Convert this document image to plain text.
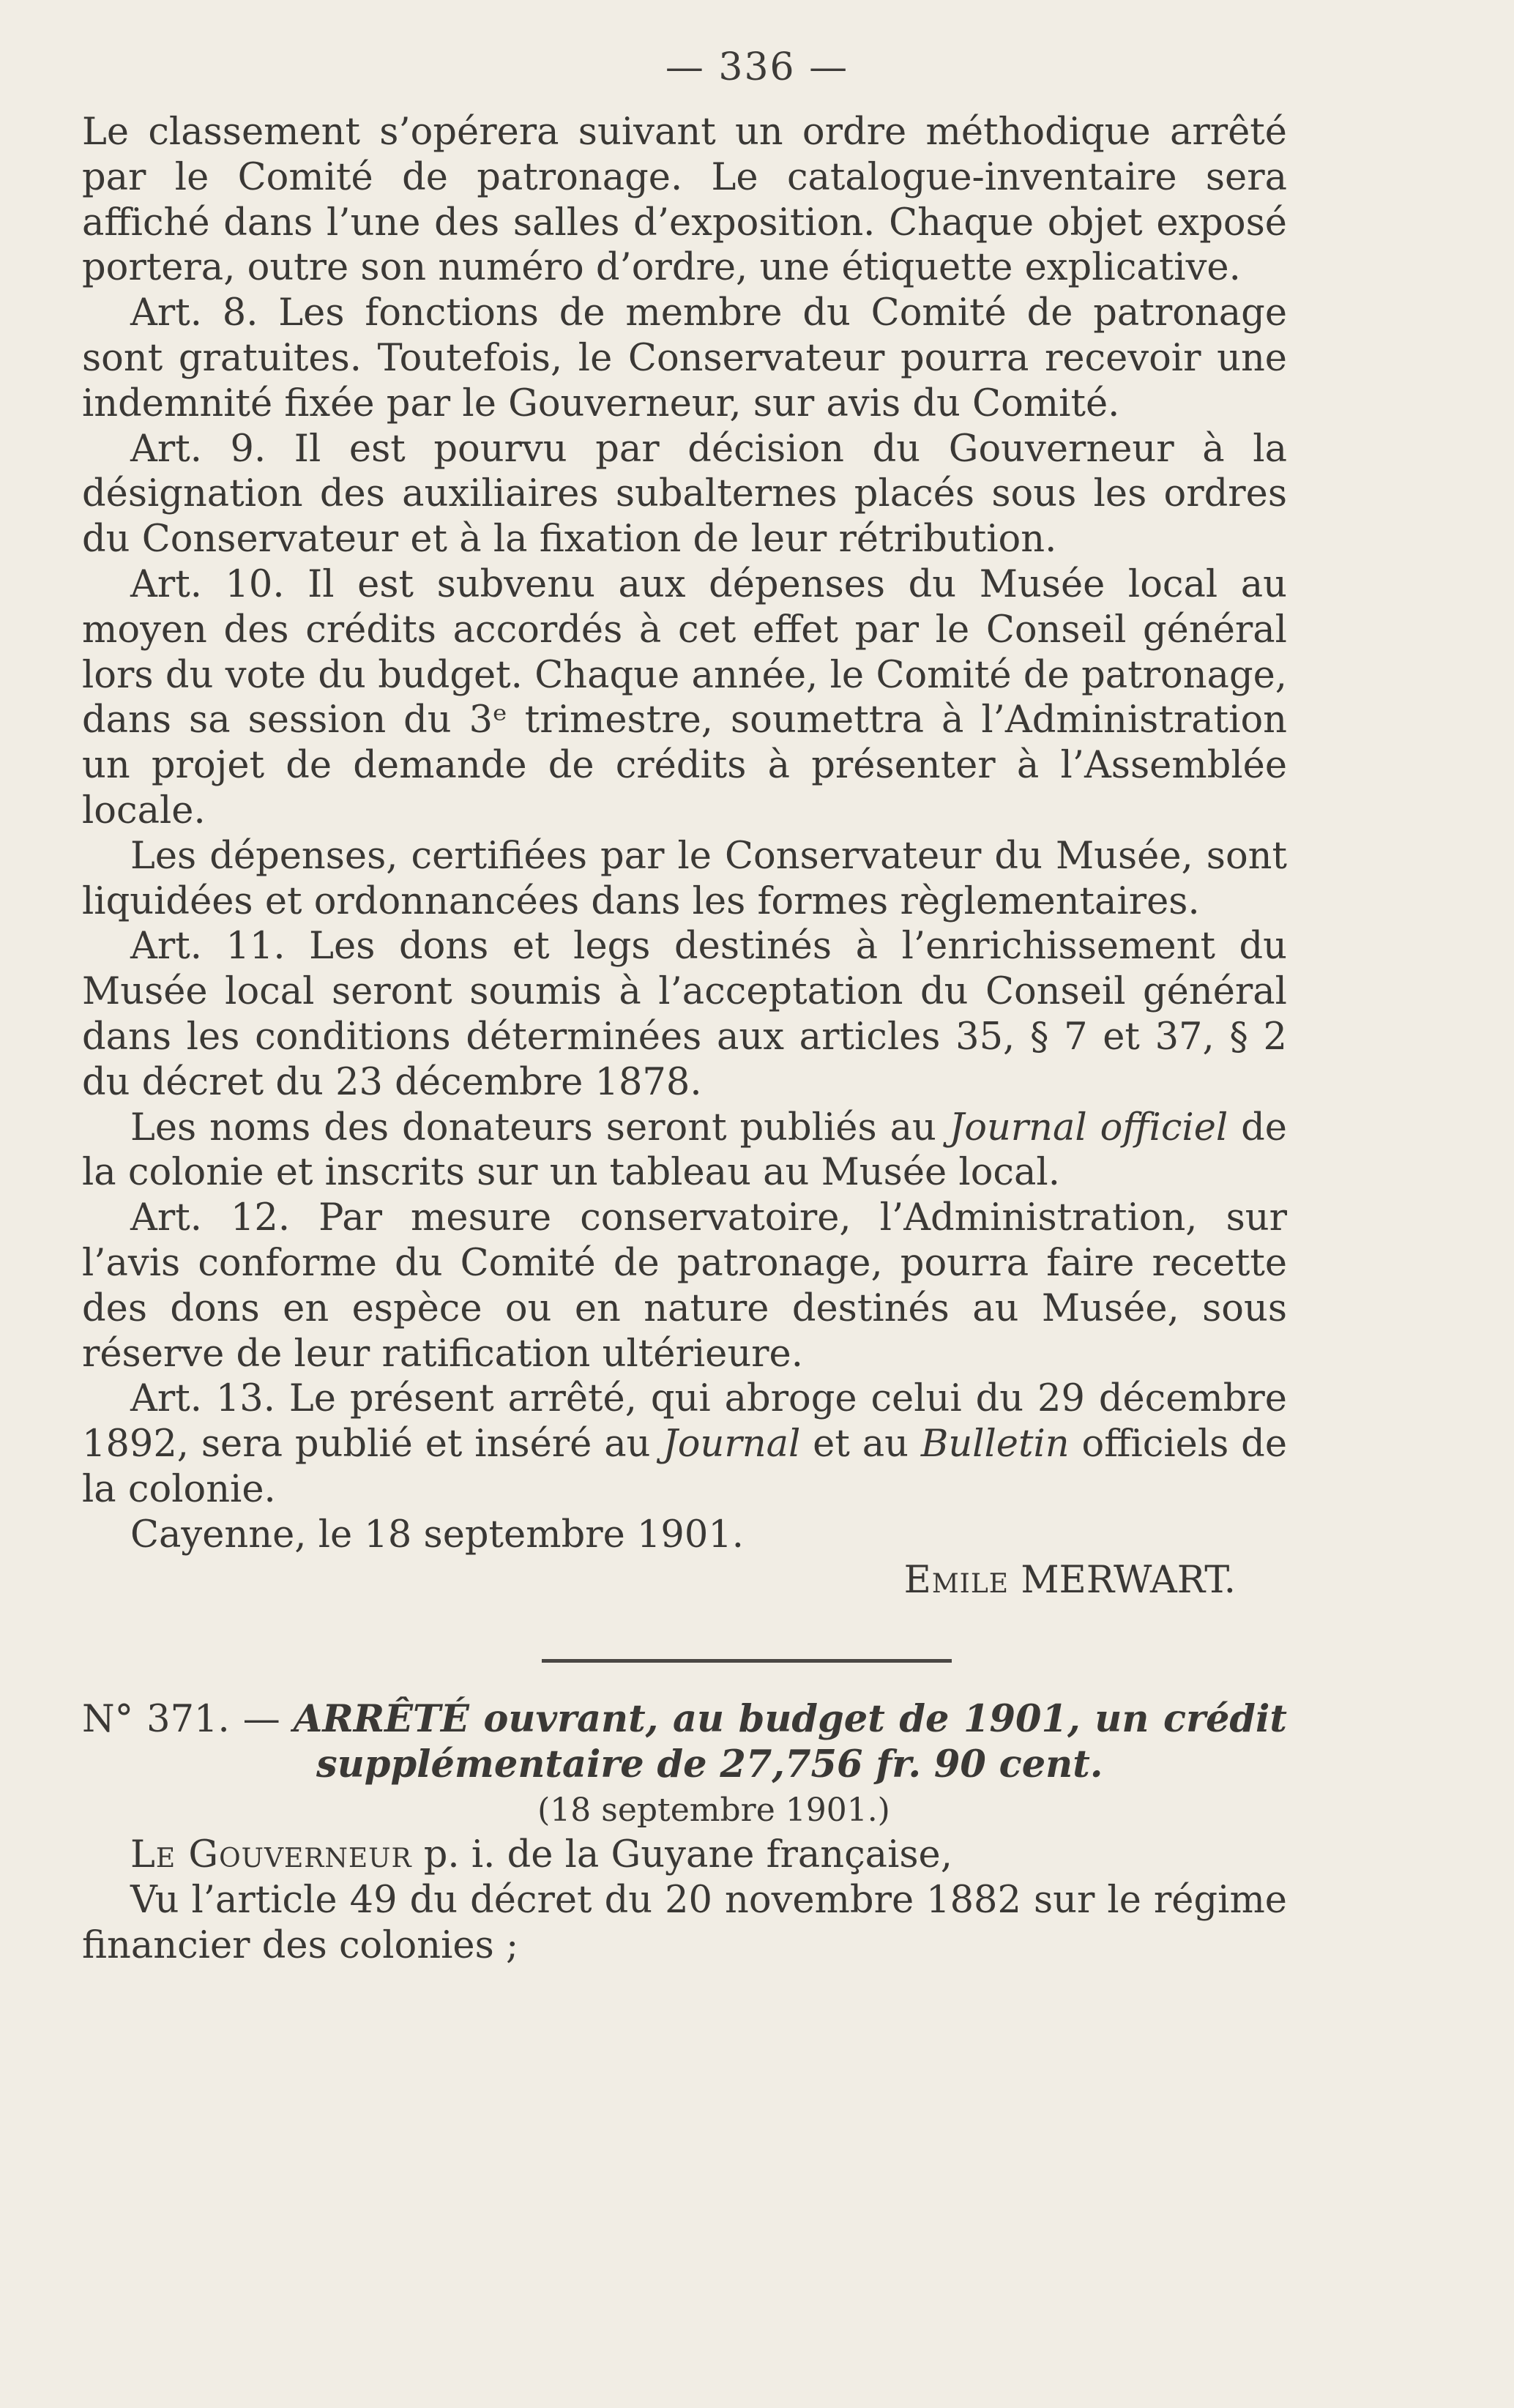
— 336 —

Le classement s’opérera suivant un ordre méthodique arrêté par le Comité de patronage. Le catalogue-inventaire sera affiché dans l’une des salles d’exposition. Chaque objet exposé portera, outre son numéro d’ordre, une étiquette explicative.

Art. 8. Les fonctions de membre du Comité de patronage sont gratuites. Toutefois, le Conservateur pourra recevoir une indemnité fixée par le Gouverneur, sur avis du Comité.

Art. 9. Il est pourvu par décision du Gouverneur à la désignation des auxiliaires subalternes placés sous les ordres du Conservateur et à la fixation de leur rétribution.

Art. 10. Il est subvenu aux dépenses du Musée local au moyen des crédits accordés à cet effet par le Conseil général lors du vote du budget. Chaque année, le Comité de patronage, dans sa session du 3ᵉ trimestre, soumettra à l’Administration un projet de demande de crédits à présenter à l’Assemblée locale.

Les dépenses, certifiées par le Conservateur du Musée, sont liquidées et ordonnancées dans les formes règlementaires.

Art. 11. Les dons et legs destinés à l’enrichissement du Musée local seront soumis à l’acceptation du Conseil général dans les conditions déterminées aux articles 35, § 7 et 37, § 2 du décret du 23 décembre 1878.

Les noms des donateurs seront publiés au Journal officiel de la colonie et inscrits sur un tableau au Musée local.

Art. 12. Par mesure conservatoire, l’Administration, sur l’avis conforme du Comité de patronage, pourra faire recette des dons en espèce ou en nature destinés au Musée, sous réserve de leur ratification ultérieure.

Art. 13. Le présent arrêté, qui abroge celui du 29 décembre 1892, sera publié et inséré au Journal et au Bulletin officiels de la colonie.

Cayenne, le 18 septembre 1901.

Emile MERWART.

N° 371. — ARRÊTÉ ouvrant, au budget de 1901, un crédit supplémentaire de 27,756 fr. 90 cent.
(18 septembre 1901.)

Le Gouverneur p. i. de la Guyane française,

Vu l’article 49 du décret du 20 novembre 1882 sur le régime financier des colonies ;
